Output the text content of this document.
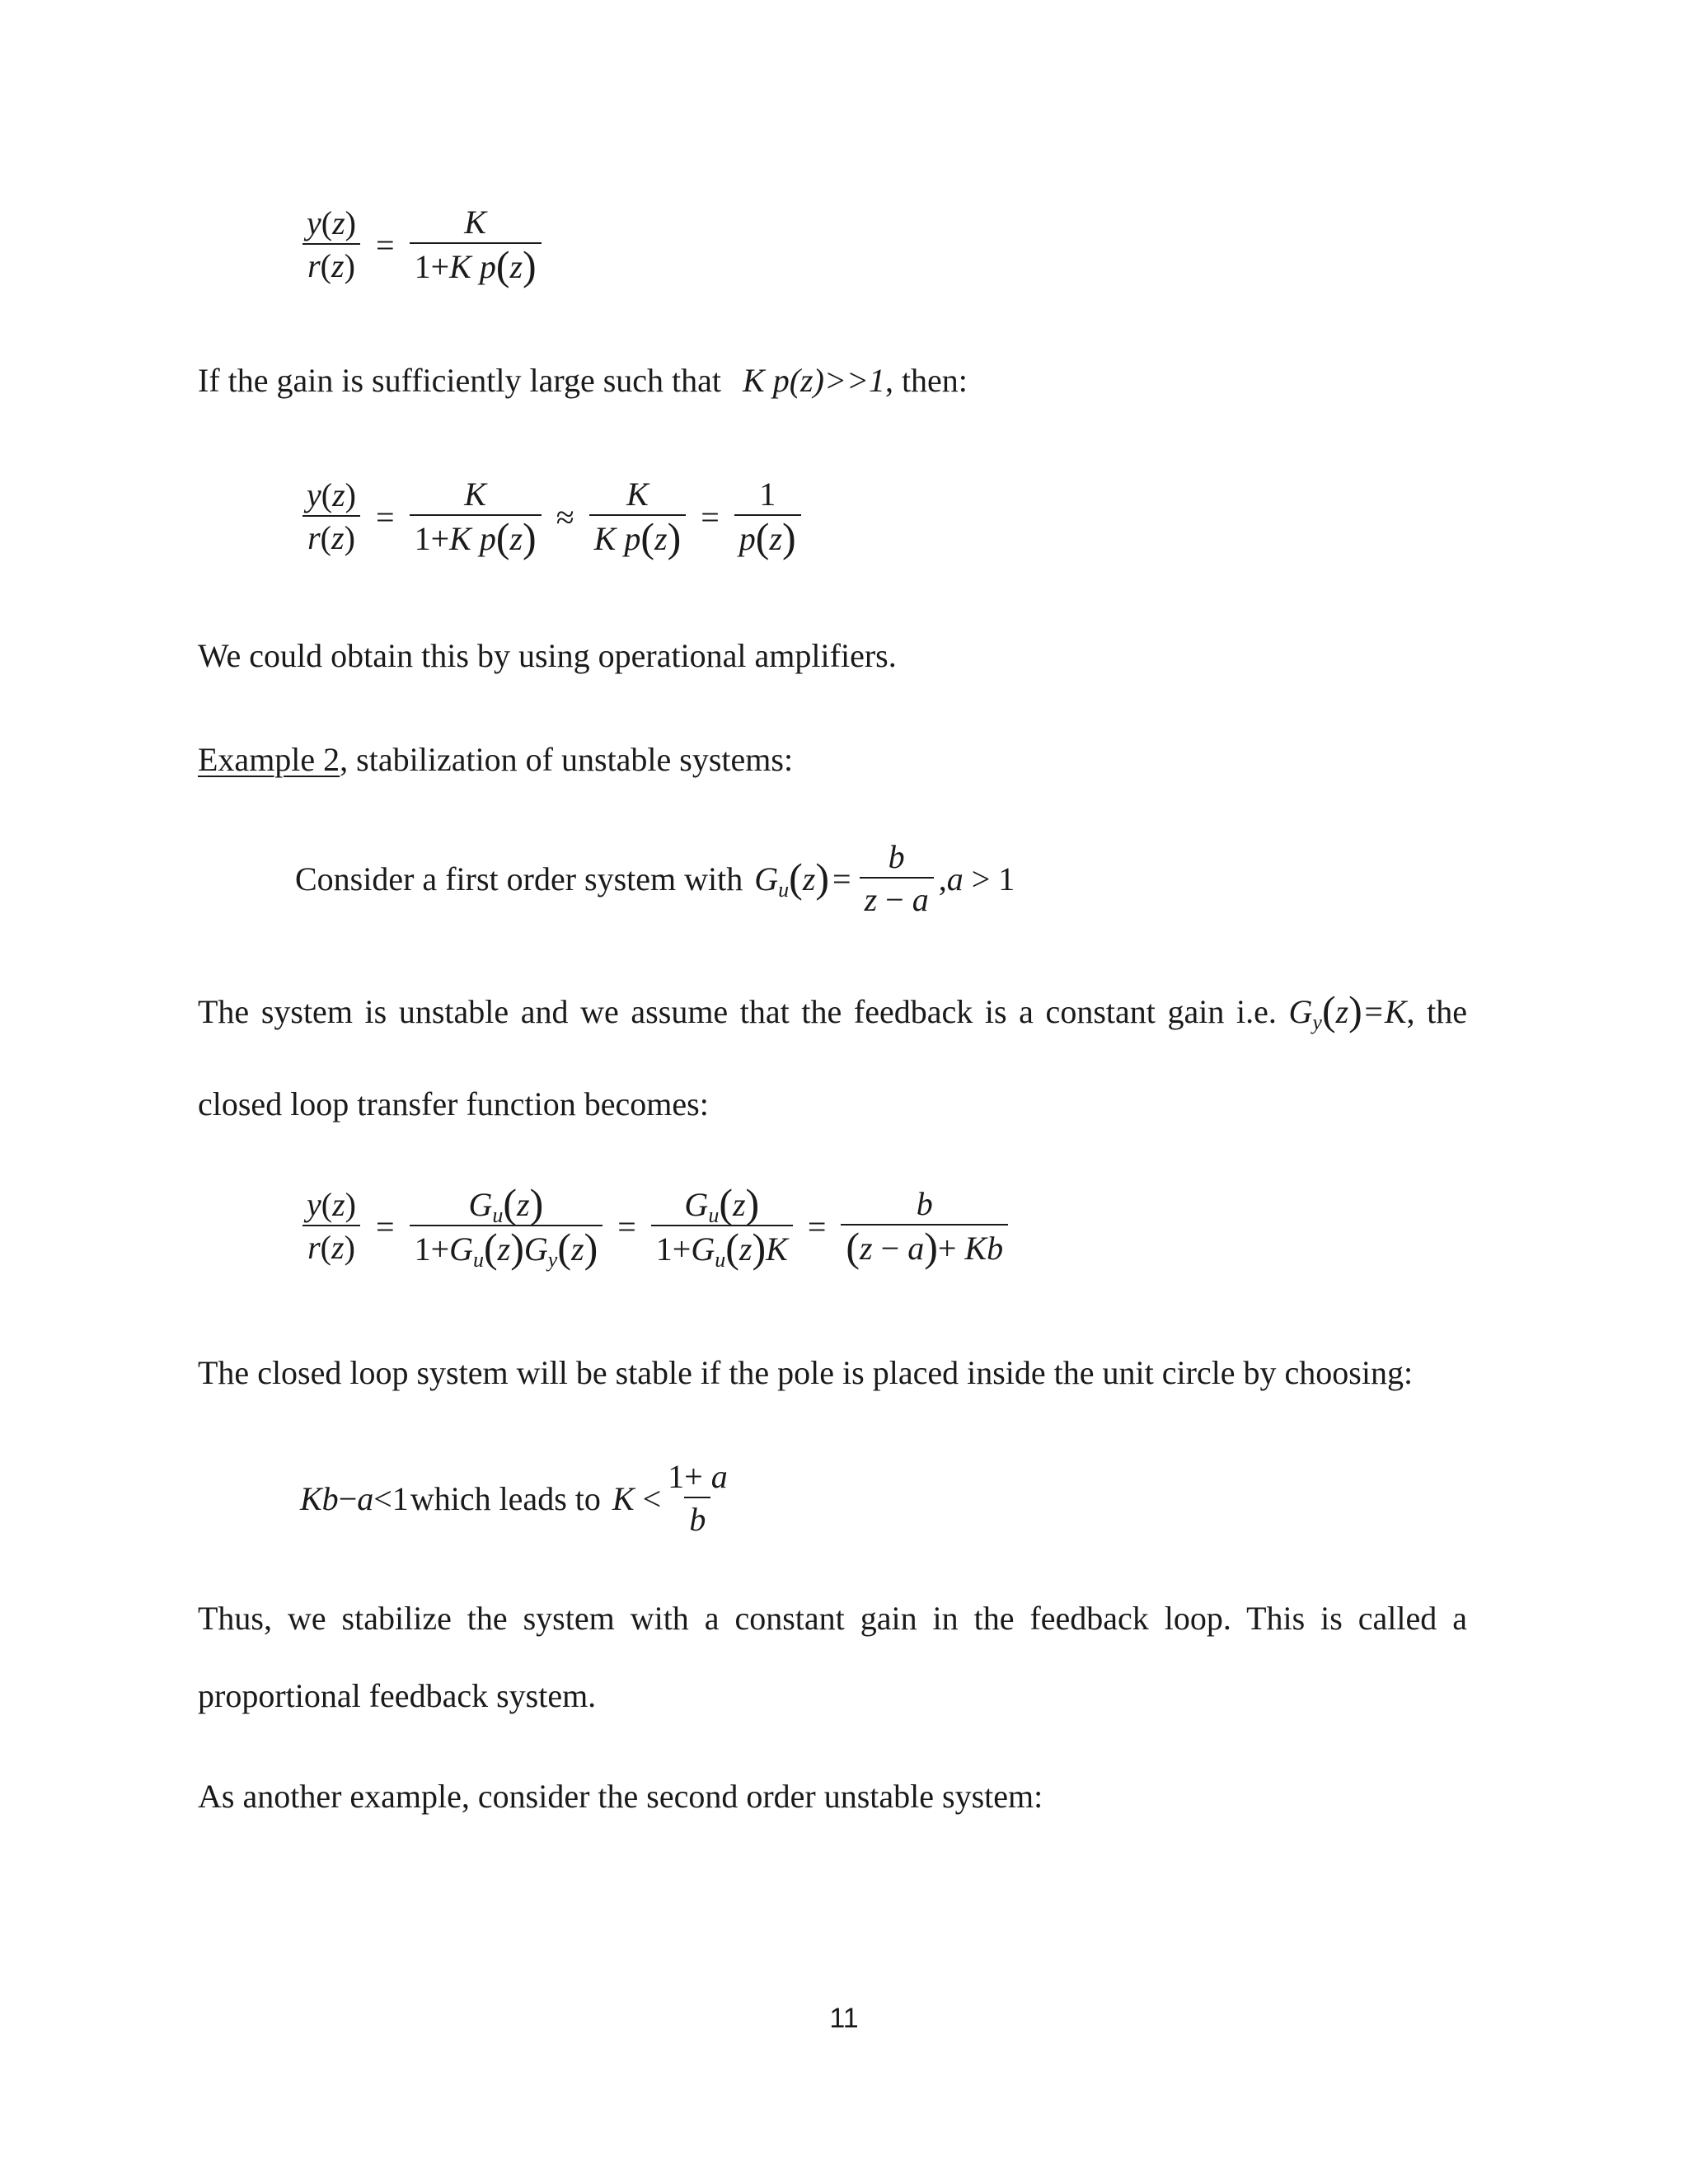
$\frac{y(z)}{r(z)} = \frac{K}{\text{1+K p(z)}}$
If the gain is sufficiently large such that K p(z)>>1, then:
$\frac{y(z)}{r(z)} = \frac{K}{\text{1+K p(z)}} \approx \frac{K}{\text{K p(z)}} = \frac{1}{p(z)}$
We could obtain this by using operational amplifiers.
Example 2, stabilization of unstable systems:
Consider a first order system with $G_u(z) = \frac{b}{z - a} ,a > 1$
The system is unstable and we assume that the feedback is a constant gain i.e. $G_y(z)=K$, the
closed loop transfer function becomes:
$\frac{y(z)}{r(z)} = \frac{G_u(z)}{1+G_u(z)G_y(z)} = \frac{G_u(z)}{1+G_u(z)K} = \frac{b}{(z - a)+ Kb}$
The closed loop system will be stable if the pole is placed inside the unit circle by choosing:
Kb−a<1 which leads to $K < \frac{1+ a}{b}$
Thus, we stabilize the system with a constant gain in the feedback loop. This is called a
proportional feedback system.
As another example, consider the second order unstable system:
11
